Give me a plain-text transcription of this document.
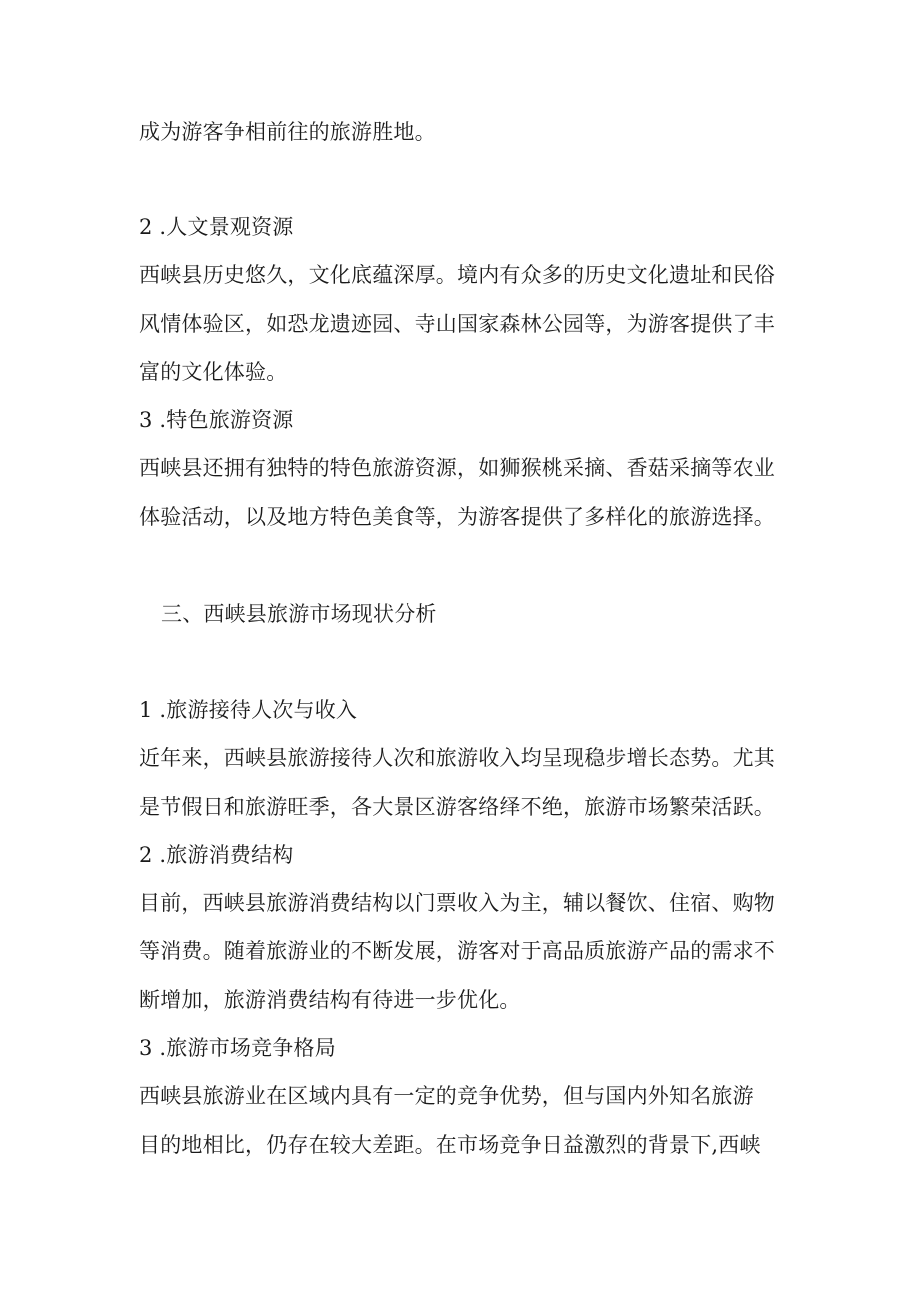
成为游客争相前往的旅游胜地。
2 .人文景观资源
西峡县历史悠久，文化底蕴深厚。境内有众多的历史文化遗址和民俗
风情体验区，如恐龙遗迹园、寺山国家森林公园等，为游客提供了丰
富的文化体验。
3 .特色旅游资源
西峡县还拥有独特的特色旅游资源，如狮猴桃采摘、香菇采摘等农业
体验活动，以及地方特色美食等，为游客提供了多样化的旅游选择。
三、西峡县旅游市场现状分析
1 .旅游接待人次与收入
近年来，西峡县旅游接待人次和旅游收入均呈现稳步增长态势。尤其
是节假日和旅游旺季，各大景区游客络绎不绝，旅游市场繁荣活跃。
2 .旅游消费结构
目前，西峡县旅游消费结构以门票收入为主，辅以餐饮、住宿、购物
等消费。随着旅游业的不断发展，游客对于高品质旅游产品的需求不
断增加，旅游消费结构有待进一步优化。
3 .旅游市场竞争格局
西峡县旅游业在区域内具有一定的竞争优势，但与国内外知名旅游
目的地相比，仍存在较大差距。在市场竞争日益激烈的背景下,西峡
